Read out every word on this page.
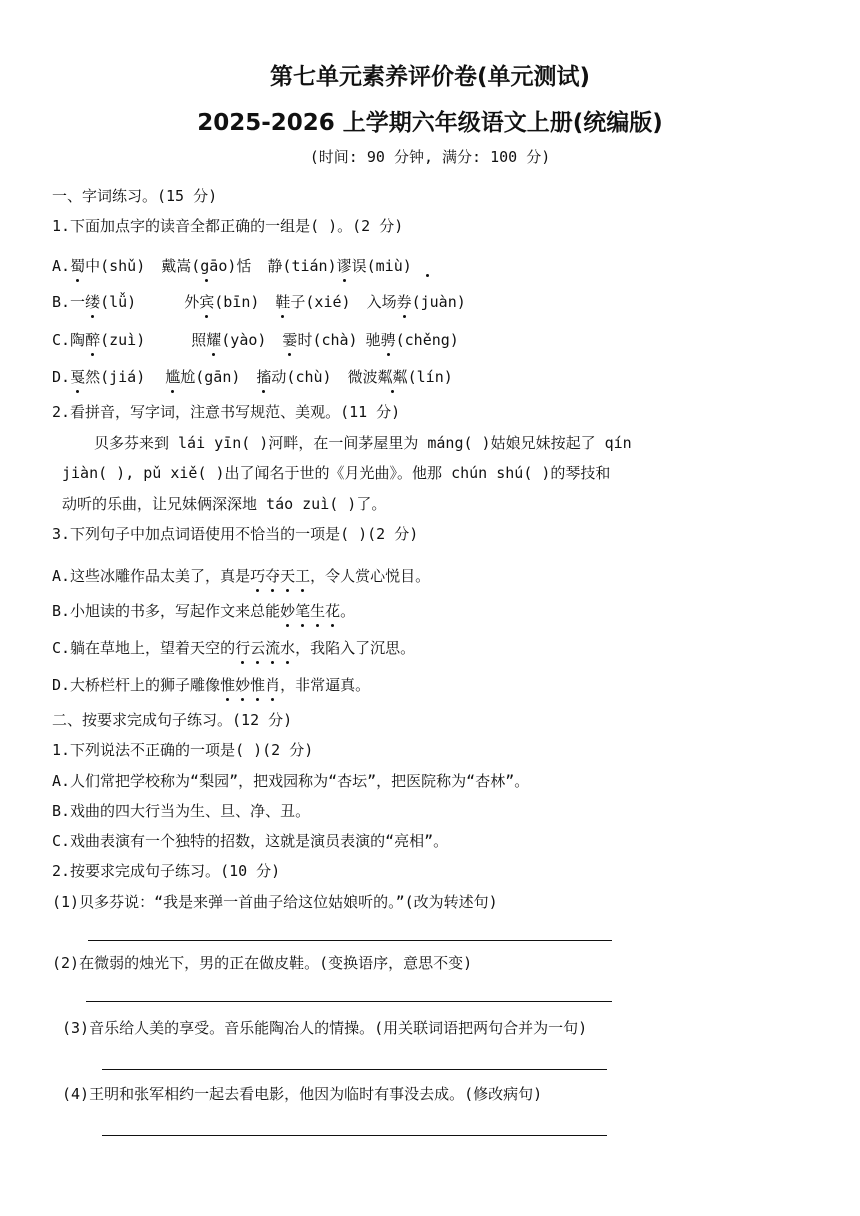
第七单元素养评价卷(单元测试)
2025-2026 上学期六年级语文上册(统编版)
(时间: 90 分钟, 满分: 100 分)
一、字词练习。(15 分)
1.下面加点字的读音全都正确的一组是( )。(2 分)
A.蜀中(shǔ) 戴嵩(gāo)恬 静(tián)谬误(miù)
B.一缕(lǚ)	外宾(bīn) 鞋子(xié) 入场券(juàn)
C.陶醉(zuì)	照耀(yào) 霎时(chà) 驰骋(chěng)
D.戛然(jiá) 尴尬(gān) 搐动(chù) 微波粼粼(lín)
2.看拼音，写字词，注意书写规范、美观。(11 分)
贝多芬来到 lái yīn( )河畔，在一间茅屋里为 máng( )姑娘兄妹按起了 qín
jiàn( ), pǔ xiě( )出了闻名于世的《月光曲》。他那 chún shú( )的琴技和
动听的乐曲，让兄妹俩深深地 táo zuì( )了。
3.下列句子中加点词语使用不恰当的一项是( )(2 分)
A.这些冰雕作品太美了，真是巧夺天工，令人赏心悦目。
B.小旭读的书多，写起作文来总能妙笔生花。
C.躺在草地上，望着天空的行云流水，我陷入了沉思。
D.大桥栏杆上的狮子雕像惟妙惟肖，非常逼真。
二、按要求完成句子练习。(12 分)
1.下列说法不正确的一项是( )(2 分)
A.人们常把学校称为“梨园”，把戏园称为“杏坛”，把医院称为“杏林”。
B.戏曲的四大行当为生、旦、净、丑。
C.戏曲表演有一个独特的招数，这就是演员表演的“亮相”。
2.按要求完成句子练习。(10 分)
(1)贝多芬说：“我是来弹一首曲子给这位姑娘听的。”(改为转述句)
(2)在微弱的烛光下，男的正在做皮鞋。(变换语序，意思不变)
(3)音乐给人美的享受。音乐能陶冶人的情操。(用关联词语把两句合并为一句)
(4)王明和张军相约一起去看电影，他因为临时有事没去成。(修改病句)
